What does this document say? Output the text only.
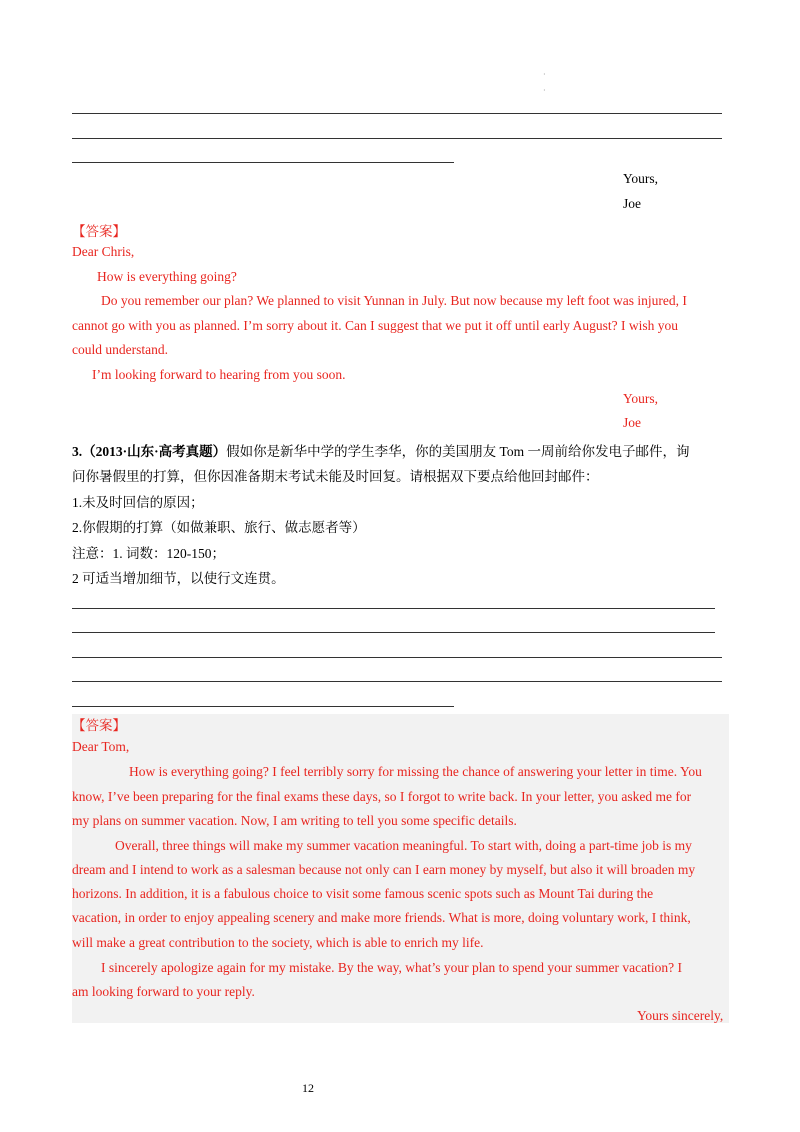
·
·
Yours,
Joe
【答案】
Dear Chris,
How is everything going?
Do you remember our plan? We planned to visit Yunnan in July. But now because my left foot was injured, I
cannot go with you as planned. I’m sorry about it. Can I suggest that we put it off until early August? I wish you
could understand.
I’m looking forward to hearing from you soon.
Yours,
Joe
3.（2013·山东·高考真题）假如你是新华中学的学生李华，你的美国朋友 Tom 一周前给你发电子邮件，询
问你暑假里的打算，但你因准备期末考试未能及时回复。请根据双下要点给他回封邮件：
1.未及时回信的原因；
2.你假期的打算（如做兼职、旅行、做志愿者等）
注意：1. 词数：120-150；
2 可适当增加细节，以使行文连贯。
【答案】
Dear Tom,
How is everything going? I feel terribly sorry for missing the chance of answering your letter in time. You
know, I’ve been preparing for the final exams these days, so I forgot to write back. In your letter, you asked me for
my plans on summer vacation. Now, I am writing to tell you some specific details.
Overall, three things will make my summer vacation meaningful. To start with, doing a part-time job is my
dream and I intend to work as a salesman because not only can I earn money by myself, but also it will broaden my
horizons. In addition, it is a fabulous choice to visit some famous scenic spots such as Mount Tai during the
vacation, in order to enjoy appealing scenery and make more friends. What is more, doing voluntary work, I think,
will make a great contribution to the society, which is able to enrich my life.
I sincerely apologize again for my mistake. By the way, what’s your plan to spend your summer vacation? I
am looking forward to your reply.
Yours sincerely,
12
